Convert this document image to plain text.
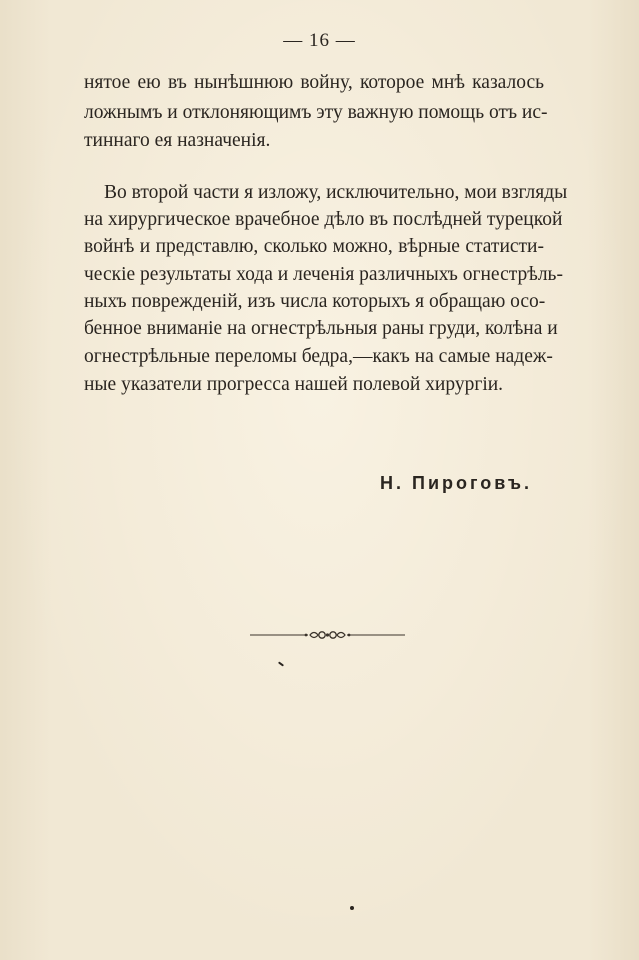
— 16 —
нятое ею въ нынѣшнюю войну, которое мнѣ казалось
ложнымъ и отклоняющимъ эту важную помощь отъ ис-
тиннаго ея назначенія.
Во второй части я изложу, исключительно, мои взгляды
на хирургическое врачебное дѣло въ послѣдней турецкой
войнѣ и представлю, сколько можно, вѣрные статисти-
ческіе результаты хода и леченія различныхъ огнестрѣль-
ныхъ поврежденій, изъ числа которыхъ я обращаю осо-
бенное вниманіе на огнестрѣльныя раны груди, колѣна и
огнестрѣльные переломы бедра,—какъ на самые надеж-
ные указатели прогресса нашей полевой хирургіи.
Н. Пироговъ.
